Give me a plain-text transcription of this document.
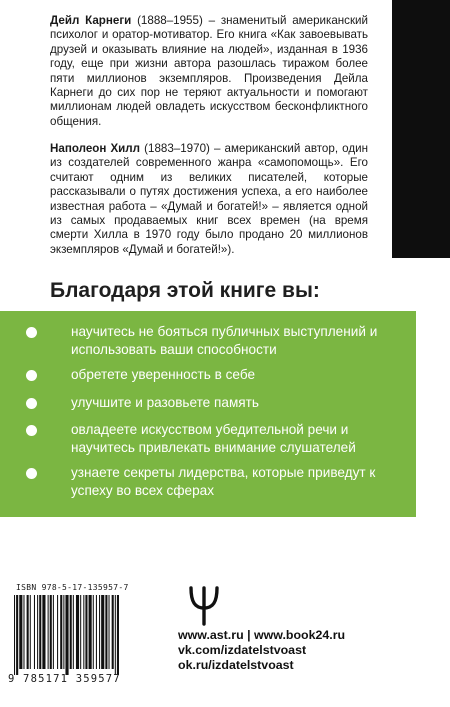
Дейл Карнеги (1888–1955) – знаменитый американский психолог и оратор-мотиватор. Его книга «Как завоевывать друзей и оказывать влияние на людей», изданная в 1936 году, еще при жизни автора разошлась тиражом более пяти миллионов экземпляров. Произведения Дейла Карнеги до сих пор не теряют актуальности и помогают миллионам людей овладеть искусством бесконфликтного общения.
Наполеон Хилл (1883–1970) – американский автор, один из создателей современного жанра «самопомощь». Его считают одним из великих писателей, которые рассказывали о путях достижения успеха, а его наиболее известная работа – «Думай и богатей!» – является одной из самых продаваемых книг всех времен (на время смерти Хилла в 1970 году было продано 20 миллионов экземпляров «Думай и богатей!»).
Благодаря этой книге вы:
научитесь не бояться публичных выступлений и использовать ваши способности
обретете уверенность в себе
улучшите и разовьете память
овладеете искусством убедительной речи и научитесь привлекать внимание слушателей
узнаете секреты лидерства, которые приведут к успеху во всех сферах
ISBN 978-5-17-135957-7
9 785171 359577
www.ast.ru | www.book24.ru
vk.com/izdatelstvoast
ok.ru/izdatelstvoast
